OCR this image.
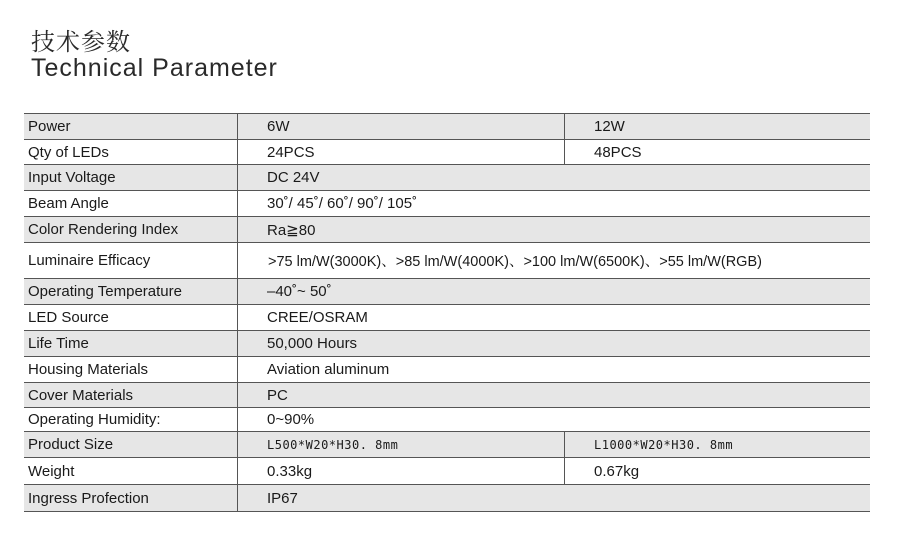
技术参数
Technical Parameter
Power	6W	12W
Qty of LEDs	24PCS	48PCS
Input Voltage	DC 24V
Beam Angle	30˚/ 45˚/ 60˚/ 90˚/ 105˚
Color Rendering Index	Ra≧80
Luminaire Efficacy	>75 lm/W(3000K)、>85 lm/W(4000K)、>100 lm/W(6500K)、>55 lm/W(RGB)
Operating Temperature	–40˚~ 50˚
LED Source	CREE/OSRAM
Life Time	50,000 Hours
Housing Materials	Aviation aluminum
Cover Materials	PC
Operating Humidity:	0~90%
Product Size	L500*W20*H30. 8mm	L1000*W20*H30. 8mm
Weight	0.33kg	0.67kg
Ingress Profection	IP67
